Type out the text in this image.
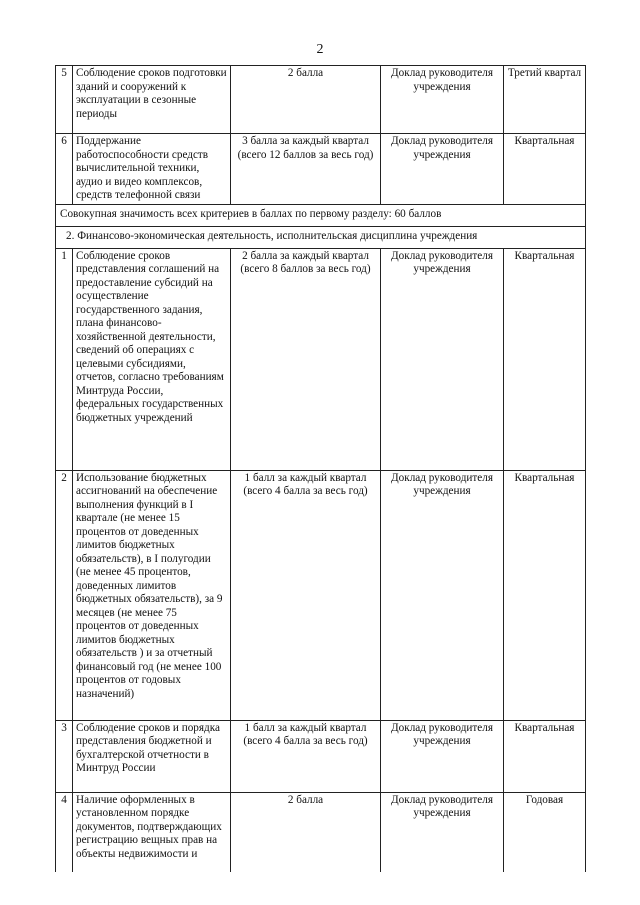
2
5	Соблюдение сроков подготовки зданий и сооружений к эксплуатации в сезонные периоды	2 балла	Доклад руководителя учреждения	Третий квартал
6	Поддержание работоспособности средств вычислительной техники, аудио и видео комплексов, средств телефонной связи	3 балла за каждый квартал (всего 12 баллов за весь год)	Доклад руководителя учреждения	Квартальная
Совокупная значимость всех критериев в баллах по первому разделу: 60 баллов				
2. Финансово-экономическая деятельность, исполнительская дисциплина учреждения				
1	Соблюдение сроков представления соглашений на предоставление субсидий на осуществление государственного задания, плана финансово-хозяйственной деятельности, сведений об операциях с целевыми субсидиями, отчетов, согласно требованиям Минтруда России, федеральных государственных бюджетных учреждений	2 балла за каждый квартал (всего 8 баллов за весь год)	Доклад руководителя учреждения	Квартальная
2	Использование бюджетных ассигнований на обеспечение выполнения функций в I квартале (не менее 15 процентов от доведенных лимитов бюджетных обязательств), в I полугодии (не менее 45 процентов, доведенных лимитов бюджетных обязательств), за 9 месяцев (не менее 75 процентов от доведенных лимитов бюджетных обязательств ) и за отчетный финансовый год (не менее 100 процентов от годовых назначений)	1 балл за каждый квартал (всего 4 балла за весь год)	Доклад руководителя учреждения	Квартальная
3	Соблюдение сроков и порядка представления бюджетной и бухгалтерской отчетности в Минтруд России	1 балл за каждый квартал (всего 4 балла за весь год)	Доклад руководителя учреждения	Квартальная
4	Наличие оформленных в установленном порядке документов, подтверждающих регистрацию вещных прав на объекты недвижимости и	2 балла	Доклад руководителя учреждения	Годовая
